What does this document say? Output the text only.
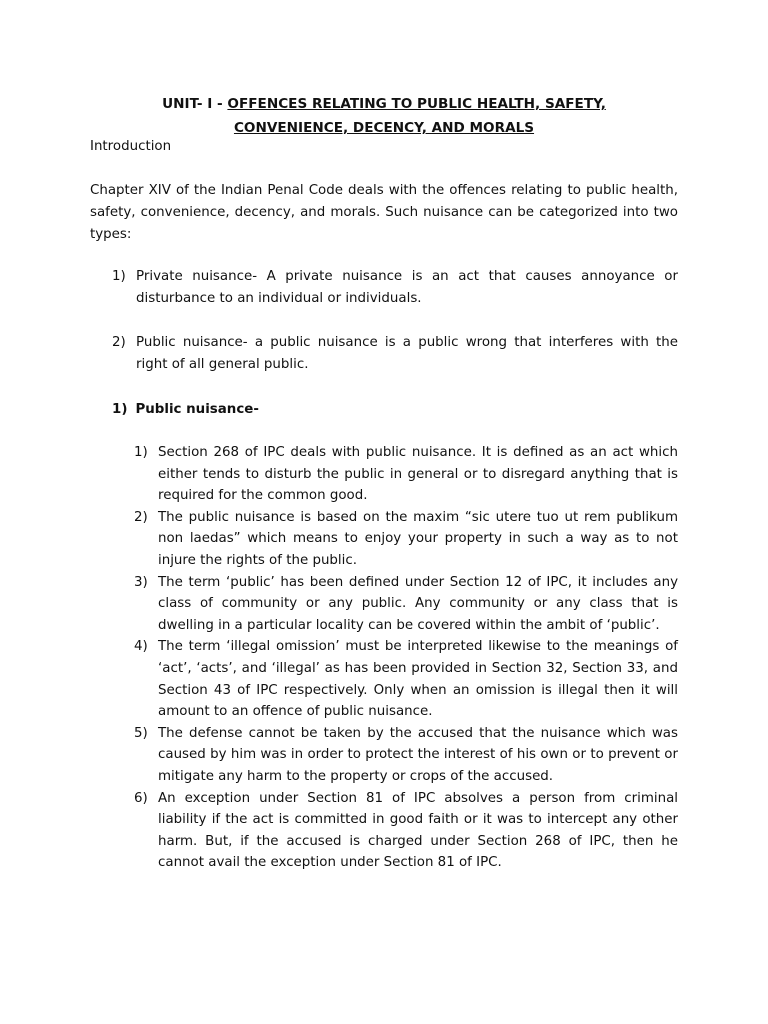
UNIT- I - OFFENCES RELATING TO PUBLIC HEALTH, SAFETY,
CONVENIENCE, DECENCY, AND MORALS
Introduction
Chapter XIV of the Indian Penal Code deals with the offences relating to public health, safety, convenience, decency, and morals. Such nuisance can be categorized into two types:
1) Private nuisance- A private nuisance is an act that causes annoyance or disturbance to an individual or individuals.
2) Public nuisance- a public nuisance is a public wrong that interferes with the right of all general public.
1) Public nuisance-
1) Section 268 of IPC deals with public nuisance. It is defined as an act which either tends to disturb the public in general or to disregard anything that is required for the common good.
2) The public nuisance is based on the maxim “sic utere tuo ut rem publikum non laedas” which means to enjoy your property in such a way as to not injure the rights of the public.
3) The term ‘public’ has been defined under Section 12 of IPC, it includes any class of community or any public. Any community or any class that is dwelling in a particular locality can be covered within the ambit of ‘public’.
4) The term ‘illegal omission’ must be interpreted likewise to the meanings of ‘act’, ‘acts’, and ‘illegal’ as has been provided in Section 32, Section 33, and Section 43 of IPC respectively. Only when an omission is illegal then it will amount to an offence of public nuisance.
5) The defense cannot be taken by the accused that the nuisance which was caused by him was in order to protect the interest of his own or to prevent or mitigate any harm to the property or crops of the accused.
6) An exception under Section 81 of IPC absolves a person from criminal liability if the act is committed in good faith or it was to intercept any other harm. But, if the accused is charged under Section 268 of IPC, then he cannot avail the exception under Section 81 of IPC.
